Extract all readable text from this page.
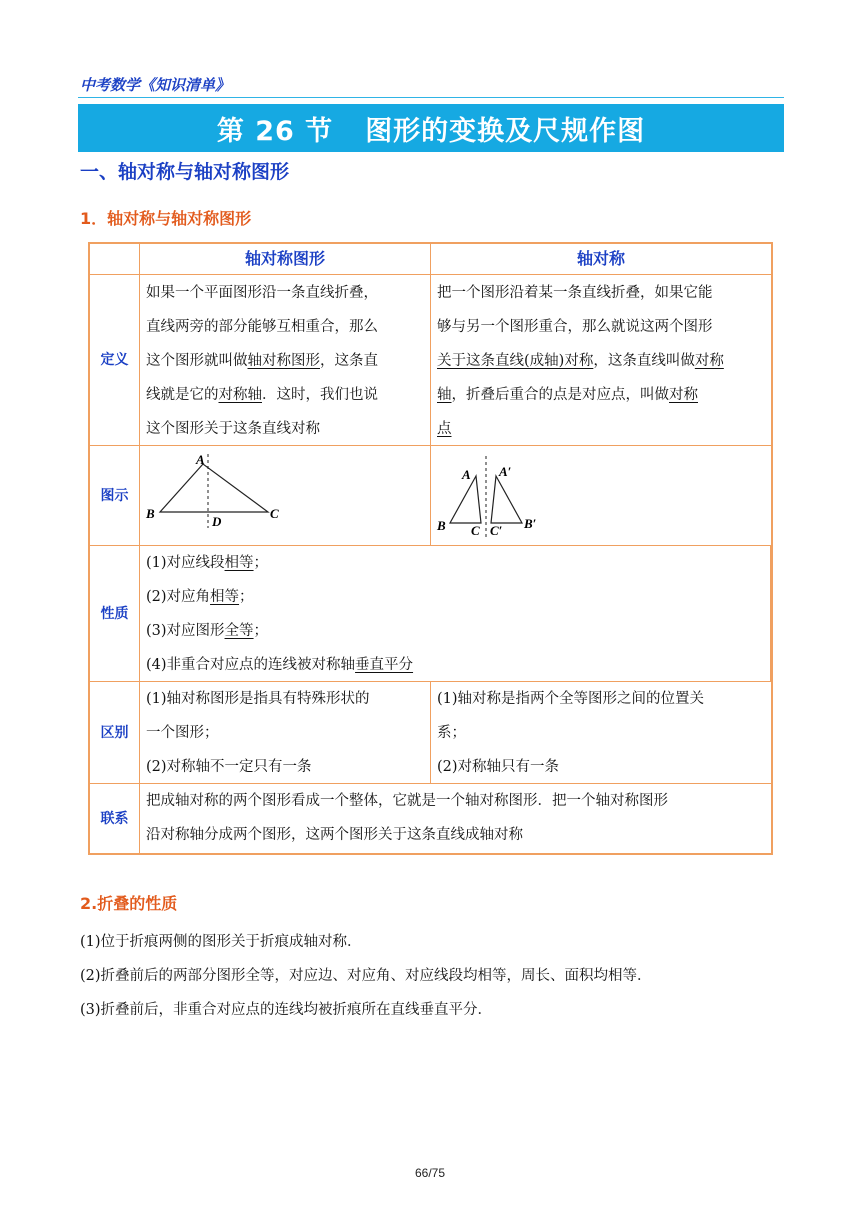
中考数学《知识清单》
第 26 节 图形的变换及尺规作图
一、轴对称与轴对称图形
1．轴对称与轴对称图形
轴对称图形	轴对称
定义
如果一个平面图形沿一条直线折叠，
直线两旁的部分能够互相重合，那么
这个图形就叫做轴对称图形，这条直
线就是它的对称轴．这时，我们也说
这个图形关于这条直线对称
把一个图形沿着某一条直线折叠，如果它能
够与另一个图形重合，那么就说这两个图形
关于这条直线(成轴)对称，这条直线叫做对称
轴，折叠后重合的点是对应点，叫做对称
点
图示
A
B	C
D
A A′
B C C′ B′
性质
(1)对应线段相等；
(2)对应角相等；
(3)对应图形全等；
(4)非重合对应点的连线被对称轴垂直平分
区别
(1)轴对称图形是指具有特殊形状的
一个图形；
(2)对称轴不一定只有一条
(1)轴对称是指两个全等图形之间的位置关
系；
(2)对称轴只有一条
联系
把成轴对称的两个图形看成一个整体，它就是一个轴对称图形．把一个轴对称图形
沿对称轴分成两个图形，这两个图形关于这条直线成轴对称
2.折叠的性质
(1)位于折痕两侧的图形关于折痕成轴对称．
(2)折叠前后的两部分图形全等，对应边、对应角、对应线段均相等，周长、面积均相等．
(3)折叠前后，非重合对应点的连线均被折痕所在直线垂直平分．
66/75
